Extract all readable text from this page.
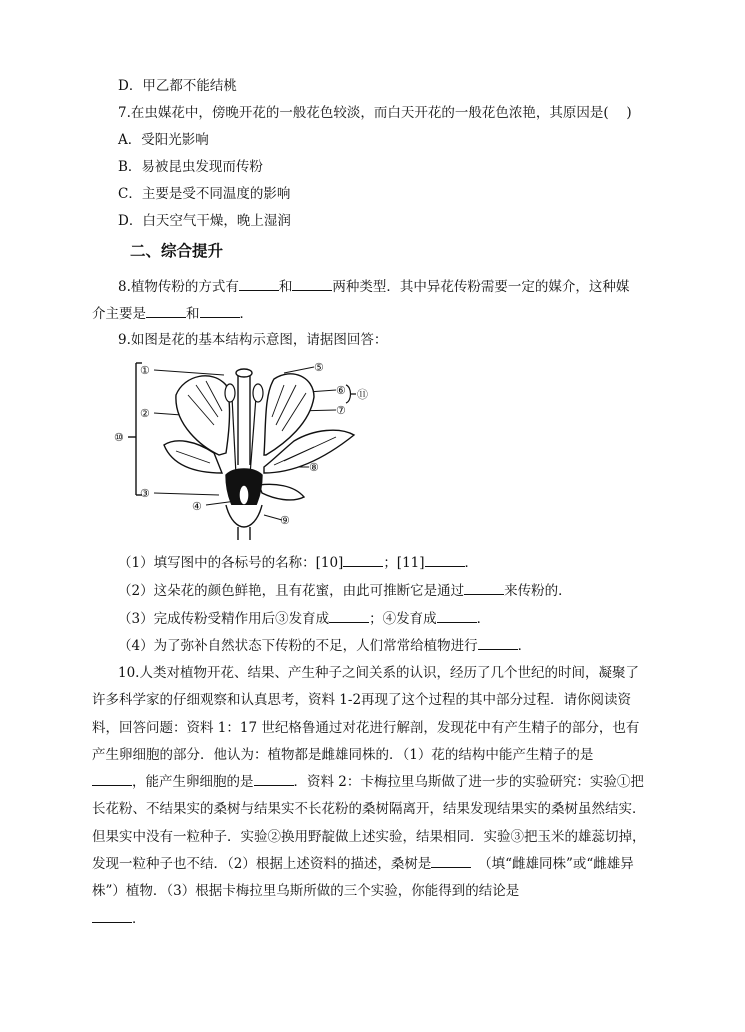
D．甲乙都不能结桃
7.在虫媒花中，傍晚开花的一般花色较淡，而白天开花的一般花色浓艳，其原因是(　 )
A．受阳光影响
B．易被昆虫发现而传粉
C．主要是受不同温度的影响
D．白天空气干燥，晚上湿润
二、综合提升
8.植物传粉的方式有	和	两种类型．其中异花传粉需要一定的媒介，这种媒
介主要是	和	．
9.如图是花的基本结构示意图，请据图回答：
①
②
③
④
⑤
⑥
⑦
⑧
⑨
⑩
⑪
（1）填写图中的各标号的名称：[10]	；[11]	．
（2）这朵花的颜色鲜艳，且有花蜜，由此可推断它是通过	来传粉的．
（3）完成传粉受精作用后③发育成	；④发育成	．
（4）为了弥补自然状态下传粉的不足，人们常常给植物进行	．
10.人类对植物开花、结果、产生种子之间关系的认识，经历了几个世纪的时间，凝聚了许多科学家的仔细观察和认真思考，资料 1-2再现了这个过程的其中部分过程．请你阅读资料，回答问题：资料 1：17 世纪格鲁通过对花进行解剖，发现花中有产生精子的部分，也有产生卵细胞的部分．他认为：植物都是雌雄同株的．（1）花的结构中能产生精子的是
，能产生卵细胞的是	．资料 2：卡梅拉里乌斯做了进一步的实验研究：实验①把长花粉、不结果实的桑树与结果实不长花粉的桑树隔离开，结果发现结果实的桑树虽然结实．但果实中没有一粒种子．实验②换用野靛做上述实验，结果相同．实验③把玉米的雄蕊切掉，发现一粒种子也不结．（2）根据上述资料的描述，桑树是　	（填“雌雄同株”或“雌雄异株”）植物．（3）根据卡梅拉里乌斯所做的三个实验，你能得到的结论是
．
